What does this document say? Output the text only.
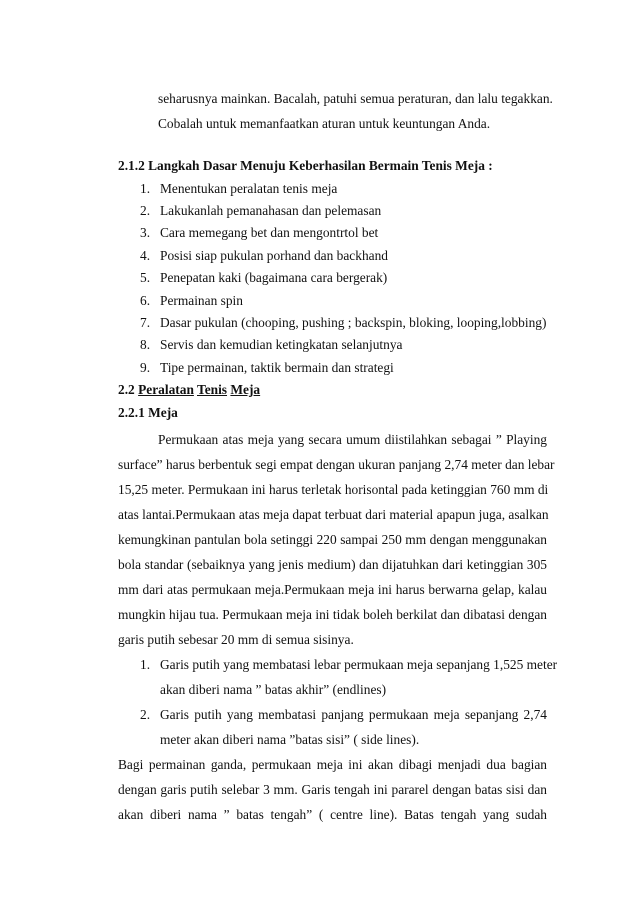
seharusnya mainkan. Bacalah, patuhi semua peraturan, dan lalu tegakkan.
Cobalah untuk memanfaatkan aturan untuk keuntungan Anda.
2.1.2 Langkah Dasar Menuju Keberhasilan Bermain Tenis Meja :
1. Menentukan peralatan tenis meja
2. Lakukanlah pemanahasan dan pelemasan
3. Cara memegang bet dan mengontrtol bet
4. Posisi siap pukulan porhand dan backhand
5. Penepatan kaki (bagaimana cara bergerak)
6. Permainan spin
7. Dasar pukulan (chooping, pushing ; backspin, bloking, looping,lobbing)
8. Servis dan kemudian ketingkatan selanjutnya
9. Tipe permainan, taktik bermain dan strategi
2.2 Peralatan Tenis Meja
2.2.1 Meja
Permukaan atas meja yang secara umum diistilahkan sebagai ” Playing
surface” harus berbentuk segi empat dengan ukuran panjang 2,74 meter dan lebar
15,25 meter. Permukaan ini harus terletak horisontal pada ketinggian 760 mm di
atas lantai.Permukaan atas meja dapat terbuat dari material apapun juga, asalkan
kemungkinan pantulan bola setinggi 220 sampai 250 mm dengan menggunakan
bola standar (sebaiknya yang jenis medium) dan dijatuhkan dari ketinggian 305
mm dari atas permukaan meja.Permukaan meja ini harus berwarna gelap, kalau
mungkin hijau tua. Permukaan meja ini tidak boleh berkilat dan dibatasi dengan
garis putih sebesar 20 mm di semua sisinya.
1. Garis putih yang membatasi lebar permukaan meja sepanjang 1,525 meter
akan diberi nama ” batas akhir” (endlines)
2. Garis putih yang membatasi panjang permukaan meja sepanjang 2,74
meter akan diberi nama ”batas sisi” ( side lines).
Bagi permainan ganda, permukaan meja ini akan dibagi menjadi dua bagian
dengan garis putih selebar 3 mm. Garis tengah ini pararel dengan batas sisi dan
akan diberi nama ” batas tengah” ( centre line). Batas tengah yang sudah
